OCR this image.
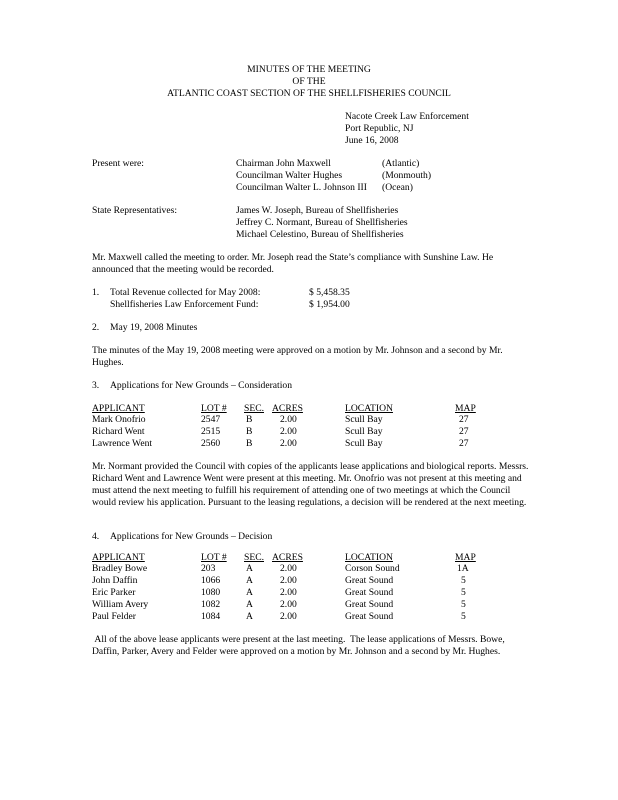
MINUTES OF THE MEETING
OF THE
ATLANTIC COAST SECTION OF THE SHELLFISHERIES COUNCIL
Nacote Creek Law Enforcement
Port Republic, NJ
June 16, 2008
Present were:	Chairman John Maxwell	(Atlantic)
Councilman Walter Hughes	(Monmouth)
Councilman Walter L. Johnson III (Ocean)
State Representatives:	James W. Joseph, Bureau of Shellfisheries
Jeffrey C. Normant, Bureau of Shellfisheries
Michael Celestino, Bureau of Shellfisheries
Mr. Maxwell called the meeting to order. Mr. Joseph read the State’s compliance with Sunshine Law. He announced that the meeting would be recorded.
1. Total Revenue collected for May 2008:	$ 5,458.35
Shellfisheries Law Enforcement Fund:	$ 1,954.00
2. May 19, 2008 Minutes
The minutes of the May 19, 2008 meeting were approved on a motion by Mr. Johnson and a second by Mr. Hughes.
3. Applications for New Grounds – Consideration
APPLICANT	LOT # SEC. ACRES	LOCATION	MAP
Mark Onofrio	2547	B	2.00	Scull Bay	27
Richard Went	2515	B	2.00	Scull Bay	27
Lawrence Went	2560	B	2.00	Scull Bay	27
Mr. Normant provided the Council with copies of the applicants lease applications and biological reports. Messrs. Richard Went and Lawrence Went were present at this meeting. Mr. Onofrio was not present at this meeting and must attend the next meeting to fulfill his requirement of attending one of two meetings at which the Council would review his application. Pursuant to the leasing regulations, a decision will be rendered at the next meeting.
4. Applications for New Grounds – Decision
APPLICANT	LOT # SEC. ACRES	LOCATION	MAP
Bradley Bowe	203	A	2.00	Corson Sound	1A
John Daffin	1066	A	2.00	Great Sound	5
Eric Parker	1080	A	2.00	Great Sound	5
William Avery	1082	A	2.00	Great Sound	5
Paul Felder	1084	A	2.00	Great Sound	5
All of the above lease applicants were present at the last meeting.  The lease applications of Messrs. Bowe, Daffin, Parker, Avery and Felder were approved on a motion by Mr. Johnson and a second by Mr. Hughes.
